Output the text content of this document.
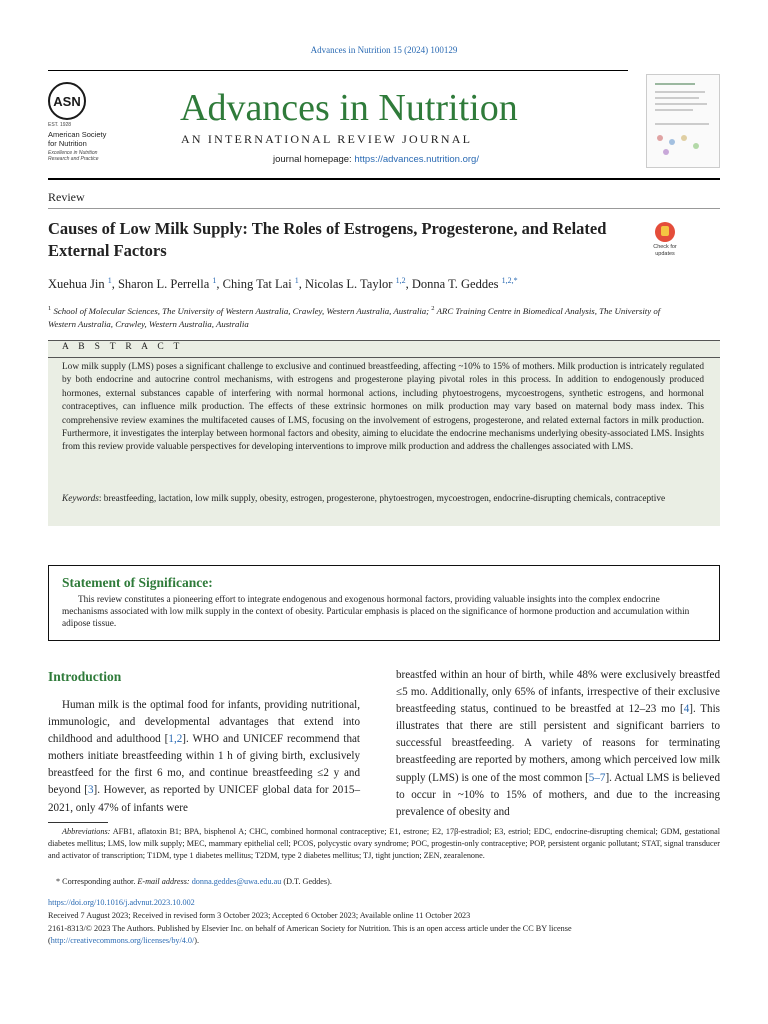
Advances in Nutrition 15 (2024) 100129
ASN
EST. 1928
American Society for Nutrition
Excellence in Nutrition Research and Practice
Advances in Nutrition
AN INTERNATIONAL REVIEW JOURNAL
journal homepage: https://advances.nutrition.org/
Review
Causes of Low Milk Supply: The Roles of Estrogens, Progesterone, and Related External Factors	Check for updates
Xuehua Jin $^1$, Sharon L. Perrella $^1$, Ching Tat Lai $^1$, Nicolas L. Taylor $^{1,2}$, Donna T. Geddes $^{1,2,*}$
$^1$ School of Molecular Sciences, The University of Western Australia, Crawley, Western Australia, Australia; $^2$ ARC Training Centre in Biomedical Analysis, The University of Western Australia, Crawley, Western Australia, Australia
A B S T R A C T
Low milk supply (LMS) poses a significant challenge to exclusive and continued breastfeeding, affecting ~10% to 15% of mothers. Milk production is intricately regulated by both endocrine and autocrine control mechanisms, with estrogens and progesterone playing pivotal roles in this process. In addition to endogenously produced hormones, external substances capable of interfering with normal hormonal actions, including phytoestrogens, mycoestrogens, synthetic estrogens, and hormonal contraceptives, can influence milk production. The effects of these extrinsic hormones on milk production may vary based on maternal body mass index. This comprehensive review examines the multifaceted causes of LMS, focusing on the involvement of estrogens, progesterone, and related external factors in milk production. Furthermore, it investigates the interplay between hormonal factors and obesity, aiming to elucidate the endocrine mechanisms underlying obesity-associated LMS. Insights from this review provide valuable perspectives for developing interventions to improve milk production and address the challenges associated with LMS.
Keywords: breastfeeding, lactation, low milk supply, obesity, estrogen, progesterone, phytoestrogen, mycoestrogen, endocrine-disrupting chemicals, contraceptive
Statement of Significance:
This review constitutes a pioneering effort to integrate endogenous and exogenous hormonal factors, providing valuable insights into the complex endocrine mechanisms associated with low milk supply in the context of obesity. Particular emphasis is placed on the significance of hormone production and accumulation within adipose tissue.
Introduction
Human milk is the optimal food for infants, providing nutritional, immunologic, and developmental advantages that extend into childhood and adulthood [1,2]. WHO and UNICEF recommend that mothers initiate breastfeeding within 1 h of giving birth, exclusively breastfeed for the first 6 mo, and continue breastfeeding ≤2 y and beyond [3]. However, as reported by UNICEF global data for 2015–2021, only 47% of infants were
breastfed within an hour of birth, while 48% were exclusively breastfed ≤5 mo. Additionally, only 65% of infants, irrespective of their exclusive breastfeeding status, continued to be breastfed at 12–23 mo [4]. This illustrates that there are still persistent and significant barriers to successful breastfeeding. A variety of reasons for terminating breastfeeding are reported by mothers, among which perceived low milk supply (LMS) is one of the most common [5–7]. Actual LMS is believed to occur in ~10% to 15% of mothers, and due to the increasing prevalence of obesity and
Abbreviations: AFB1, aflatoxin B1; BPA, bisphenol A; CHC, combined hormonal contraceptive; E1, estrone; E2, 17β-estradiol; E3, estriol; EDC, endocrine-disrupting chemical; GDM, gestational diabetes mellitus; LMS, low milk supply; MEC, mammary epithelial cell; PCOS, polycystic ovary syndrome; POC, progestin-only contraceptive; POP, persistent organic pollutant; STAT, signal transducer and activator of transcription; T1DM, type 1 diabetes mellitus; T2DM, type 2 diabetes mellitus; TJ, tight junction; ZEN, zearalenone.
* Corresponding author. E-mail address: donna.geddes@uwa.edu.au (D.T. Geddes).
https://doi.org/10.1016/j.advnut.2023.10.002
Received 7 August 2023; Received in revised form 3 October 2023; Accepted 6 October 2023; Available online 11 October 2023
2161-8313/© 2023 The Authors. Published by Elsevier Inc. on behalf of American Society for Nutrition. This is an open access article under the CC BY license (http://creativecommons.org/licenses/by/4.0/).
